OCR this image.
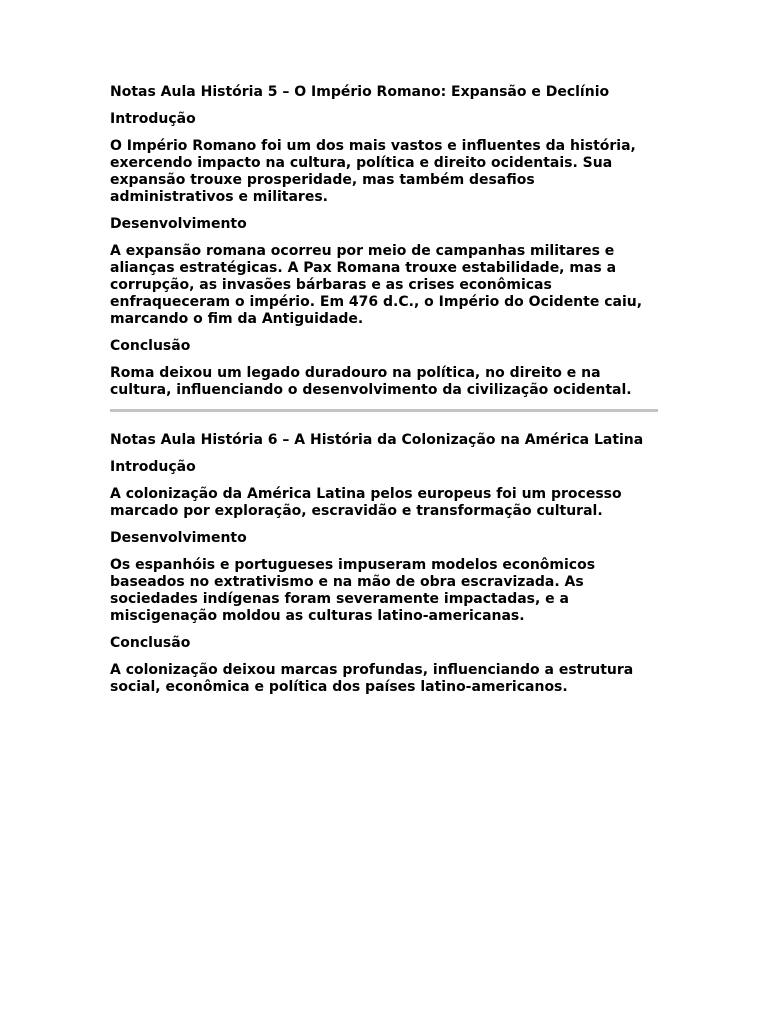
Notas Aula História 5 – O Império Romano: Expansão e Declínio
Introdução
O Império Romano foi um dos mais vastos e influentes da história,
exercendo impacto na cultura, política e direito ocidentais. Sua
expansão trouxe prosperidade, mas também desafios
administrativos e militares.
Desenvolvimento
A expansão romana ocorreu por meio de campanhas militares e
alianças estratégicas. A Pax Romana trouxe estabilidade, mas a
corrupção, as invasões bárbaras e as crises econômicas
enfraqueceram o império. Em 476 d.C., o Império do Ocidente caiu,
marcando o fim da Antiguidade.
Conclusão
Roma deixou um legado duradouro na política, no direito e na
cultura, influenciando o desenvolvimento da civilização ocidental.
Notas Aula História 6 – A História da Colonização na América Latina
Introdução
A colonização da América Latina pelos europeus foi um processo
marcado por exploração, escravidão e transformação cultural.
Desenvolvimento
Os espanhóis e portugueses impuseram modelos econômicos
baseados no extrativismo e na mão de obra escravizada. As
sociedades indígenas foram severamente impactadas, e a
miscigenação moldou as culturas latino-americanas.
Conclusão
A colonização deixou marcas profundas, influenciando a estrutura
social, econômica e política dos países latino-americanos.
